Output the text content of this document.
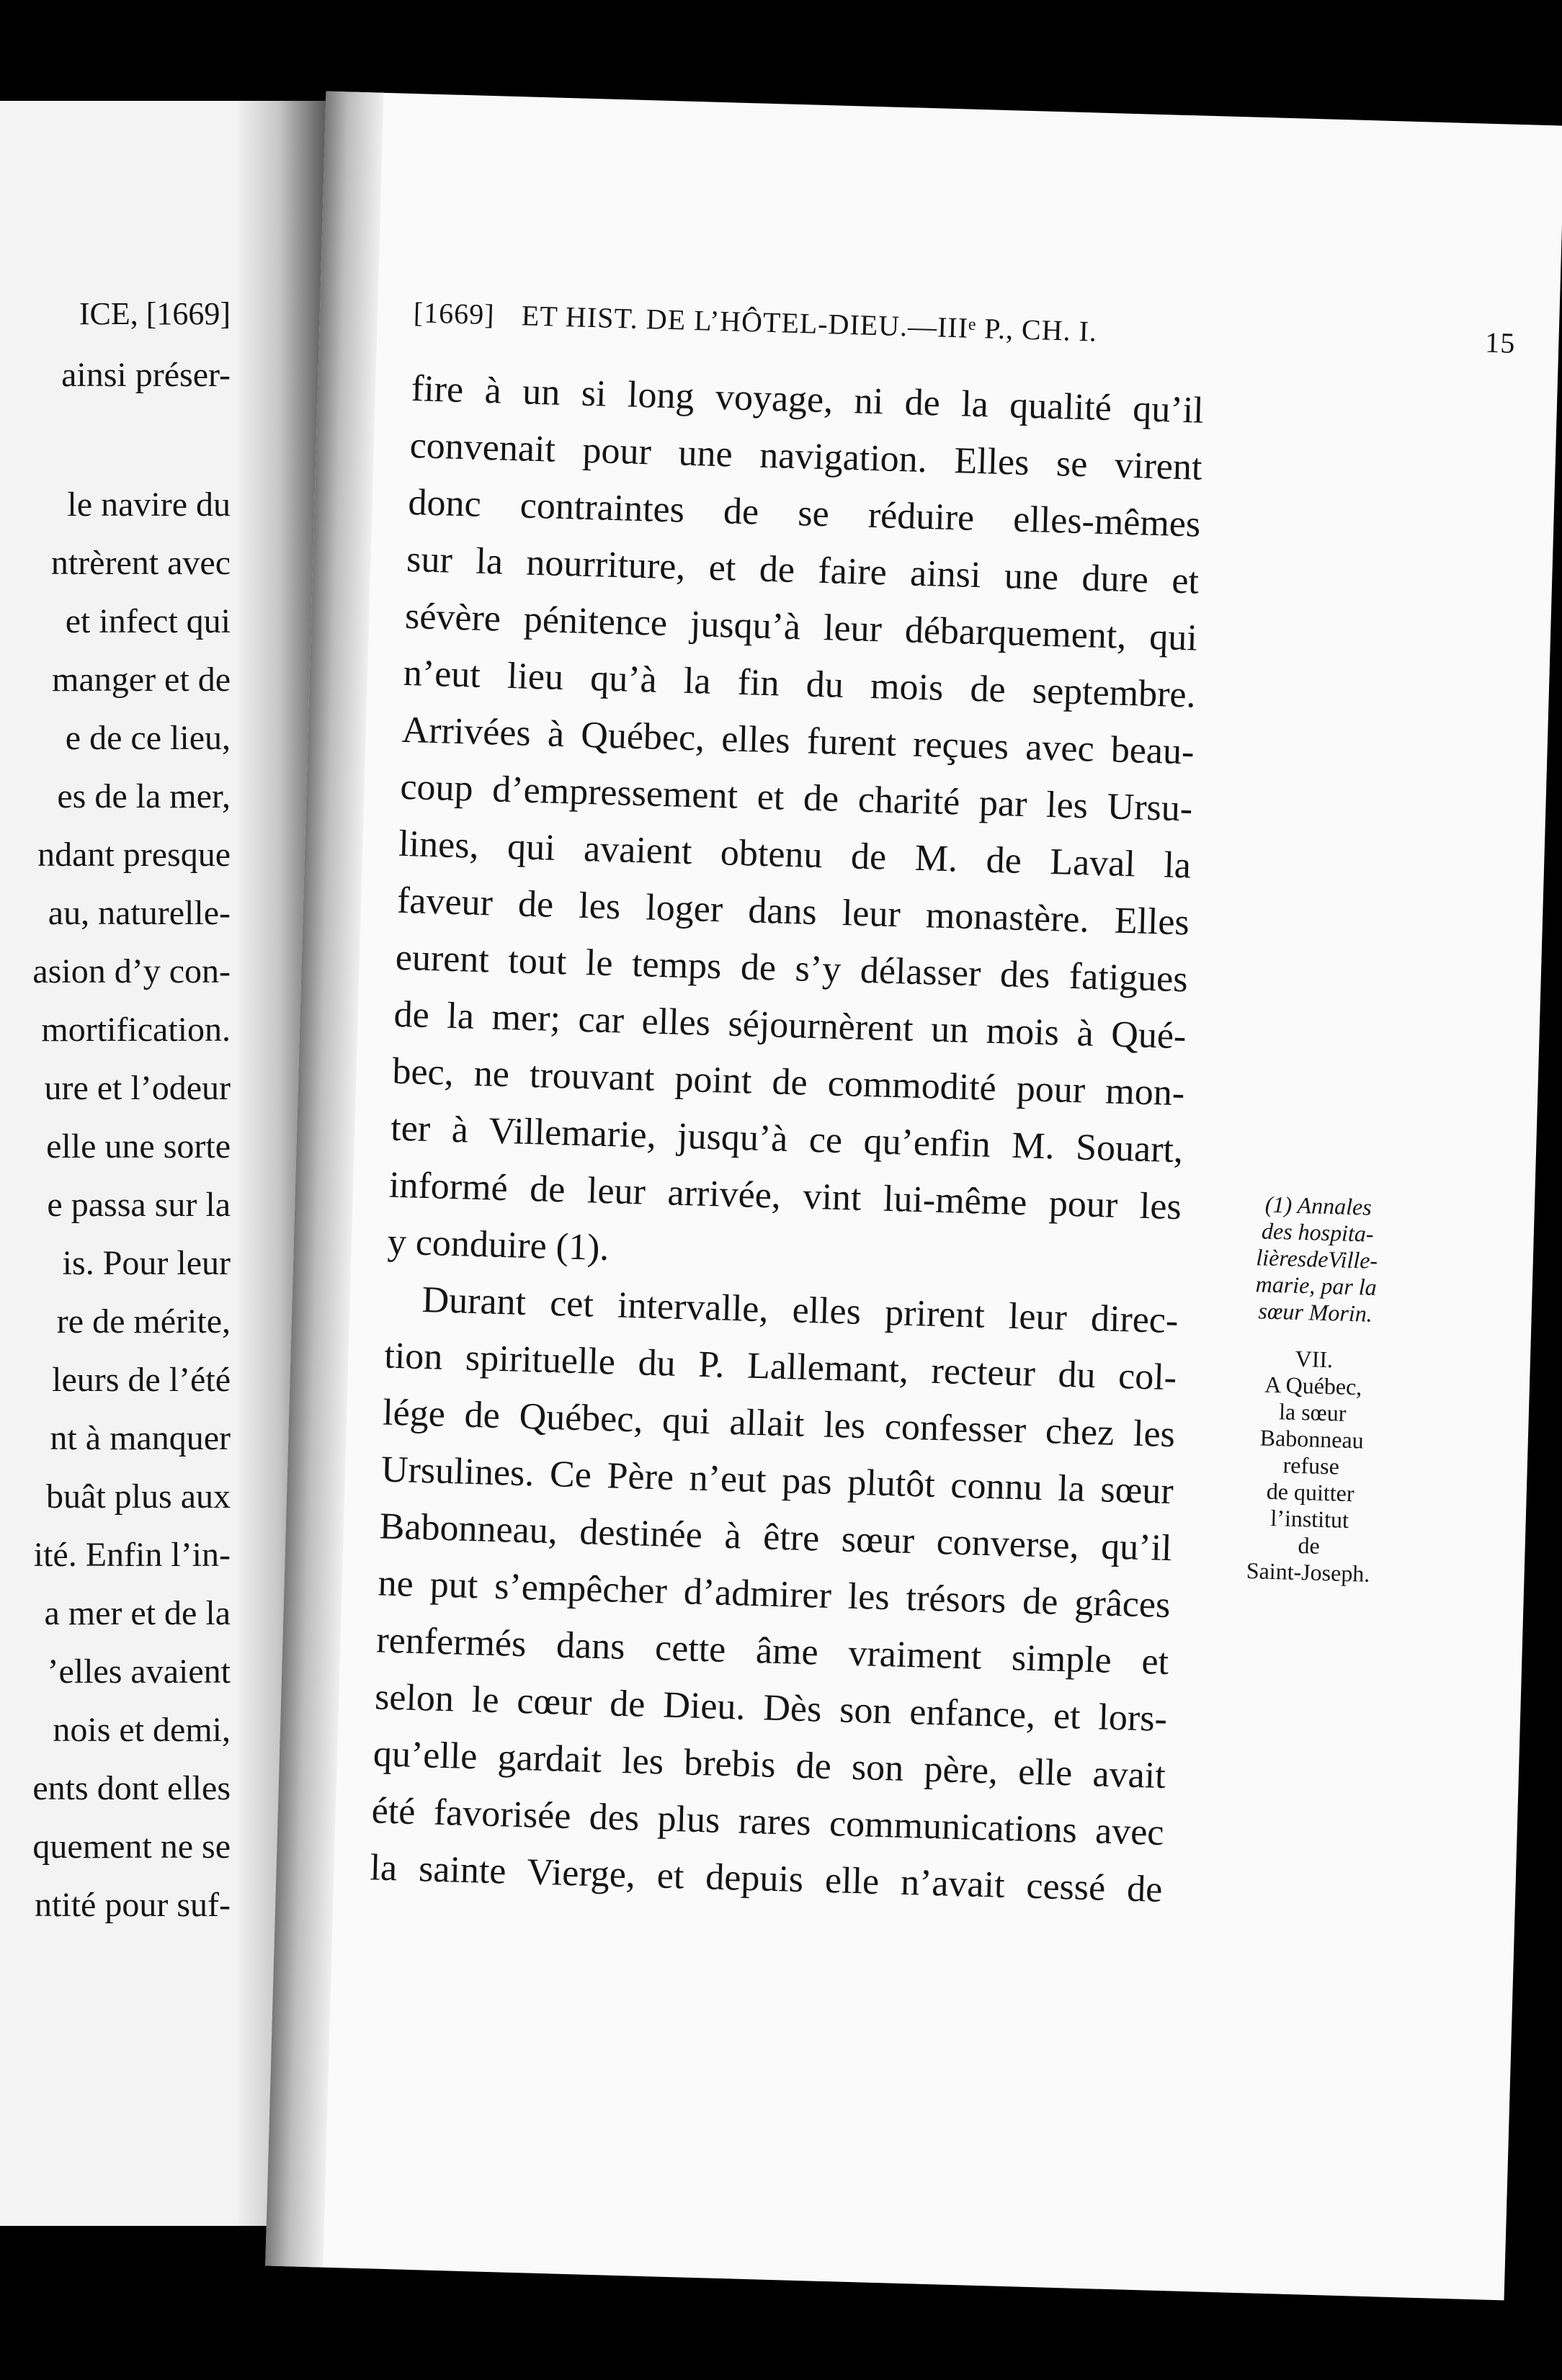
ICE, [1669]
ainsi préser-
le navire du
ntrèrent avec
et infect qui
manger et de
e de ce lieu,
es de la mer,
ndant presque
au, naturelle-
asion d’y con-
mortification.
ure et l’odeur
elle une sorte
e passa sur la
is. Pour leur
re de mérite,
leurs de l’été
nt à manquer
buât plus aux
ité. Enfin l’in-
a mer et de la
’elles avaient
nois et demi,
ents dont elles
quement ne se
ntité pour suf-
[1669] ET HIST. DE L’HÔTEL-DIEU.—IIIᵉ P., CH. I.	15
fire à un si long voyage, ni de la qualité qu’il
convenait pour une navigation. Elles se virent
donc contraintes de se réduire elles-mêmes
sur la nourriture, et de faire ainsi une dure et
sévère pénitence jusqu’à leur débarquement, qui
n’eut lieu qu’à la fin du mois de septembre.
Arrivées à Québec, elles furent reçues avec beau-
coup d’empressement et de charité par les Ursu-
lines, qui avaient obtenu de M. de Laval la
faveur de les loger dans leur monastère. Elles
eurent tout le temps de s’y délasser des fatigues
de la mer; car elles séjournèrent un mois à Qué-
bec, ne trouvant point de commodité pour mon-
ter à Villemarie, jusqu’à ce qu’enfin M. Souart,
informé de leur arrivée, vint lui-même pour les
y conduire (1).
Durant cet intervalle, elles prirent leur direc-
tion spirituelle du P. Lallemant, recteur du col-
lége de Québec, qui allait les confesser chez les
Ursulines. Ce Père n’eut pas plutôt connu la sœur
Babonneau, destinée à être sœur converse, qu’il
ne put s’empêcher d’admirer les trésors de grâces
renfermés dans cette âme vraiment simple et
selon le cœur de Dieu. Dès son enfance, et lors-
qu’elle gardait les brebis de son père, elle avait
été favorisée des plus rares communications avec
la sainte Vierge, et depuis elle n’avait cessé de
(1) Annales
des hospita-
lièresdeVille-
marie, par la
sœur Morin.
VII.
A Québec,
la sœur
Babonneau
refuse
de quitter
l’institut
de
Saint-Joseph.
